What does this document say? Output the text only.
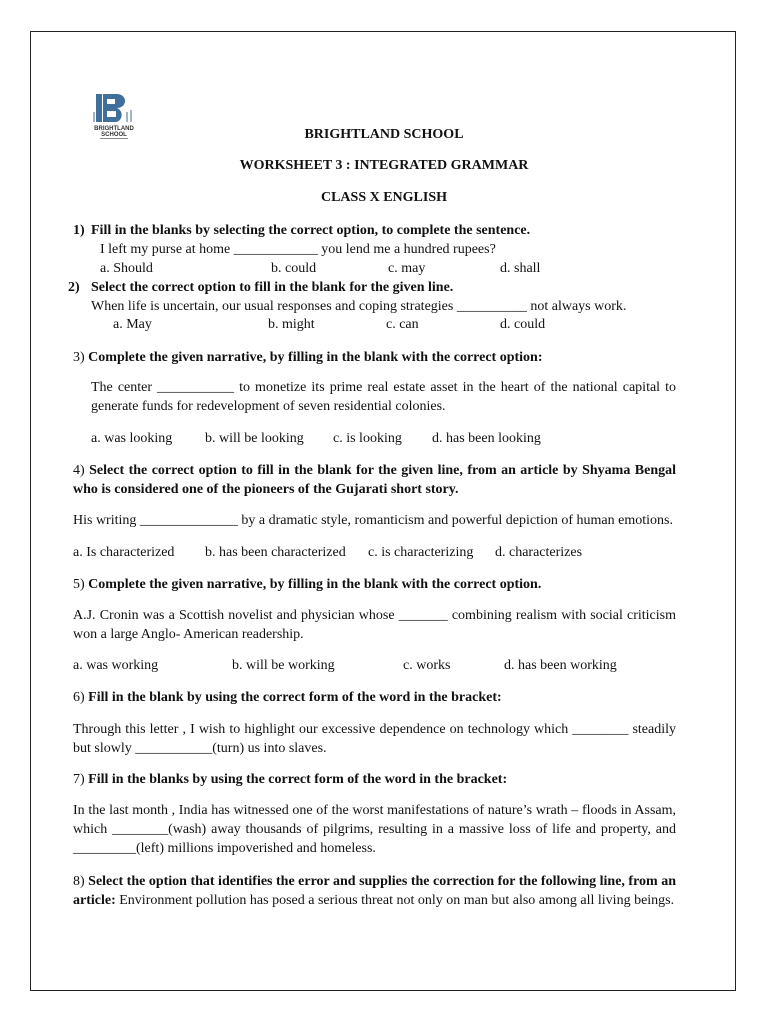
BRIGHTLAND
SCHOOL	BRIGHTLAND SCHOOL
WORKSHEET 3 : INTEGRATED GRAMMAR
CLASS X ENGLISH
1) Fill in the blanks by selecting the correct option, to complete the sentence.
I left my purse at home ____________ you lend me a hundred rupees?
a. Should	b. could	c. may	d. shall
2) Select the correct option to fill in the blank for the given line.
When life is uncertain, our usual responses and coping strategies __________ not always work.
a. May	b. might	c. can	d. could
3) Complete the given narrative, by filling in the blank with the correct option:
The center ___________ to monetize its prime real estate asset in the heart of the national capital to generate funds for redevelopment of seven residential colonies.
a. was looking b. will be looking c. is looking d. has been looking
4) Select the correct option to fill in the blank for the given line, from an article by Shyama Bengal who is considered one of the pioneers of the Gujarati short story.
His writing ______________ by a dramatic style, romanticism and powerful depiction of human emotions.
a. Is characterized b. has been characterized c. is characterizing d. characterizes
5) Complete the given narrative, by filling in the blank with the correct option.
A.J. Cronin was a Scottish novelist and physician whose _______ combining realism with social criticism won a large Anglo- American readership.
a. was working	b. will be working	c. works	d. has been working
6) Fill in the blank by using the correct form of the word in the bracket:
Through this letter , I wish to highlight our excessive dependence on technology which ________ steadily but slowly ___________(turn) us into slaves.
7) Fill in the blanks by using the correct form of the word in the bracket:
In the last month , India has witnessed one of the worst manifestations of nature’s wrath – floods in Assam, which ________(wash) away thousands of pilgrims, resulting in a massive loss of life and property, and _________(left) millions impoverished and homeless.
8) Select the option that identifies the error and supplies the correction for the following line, from an article: Environment pollution has posed a serious threat not only on man but also among all living beings.
